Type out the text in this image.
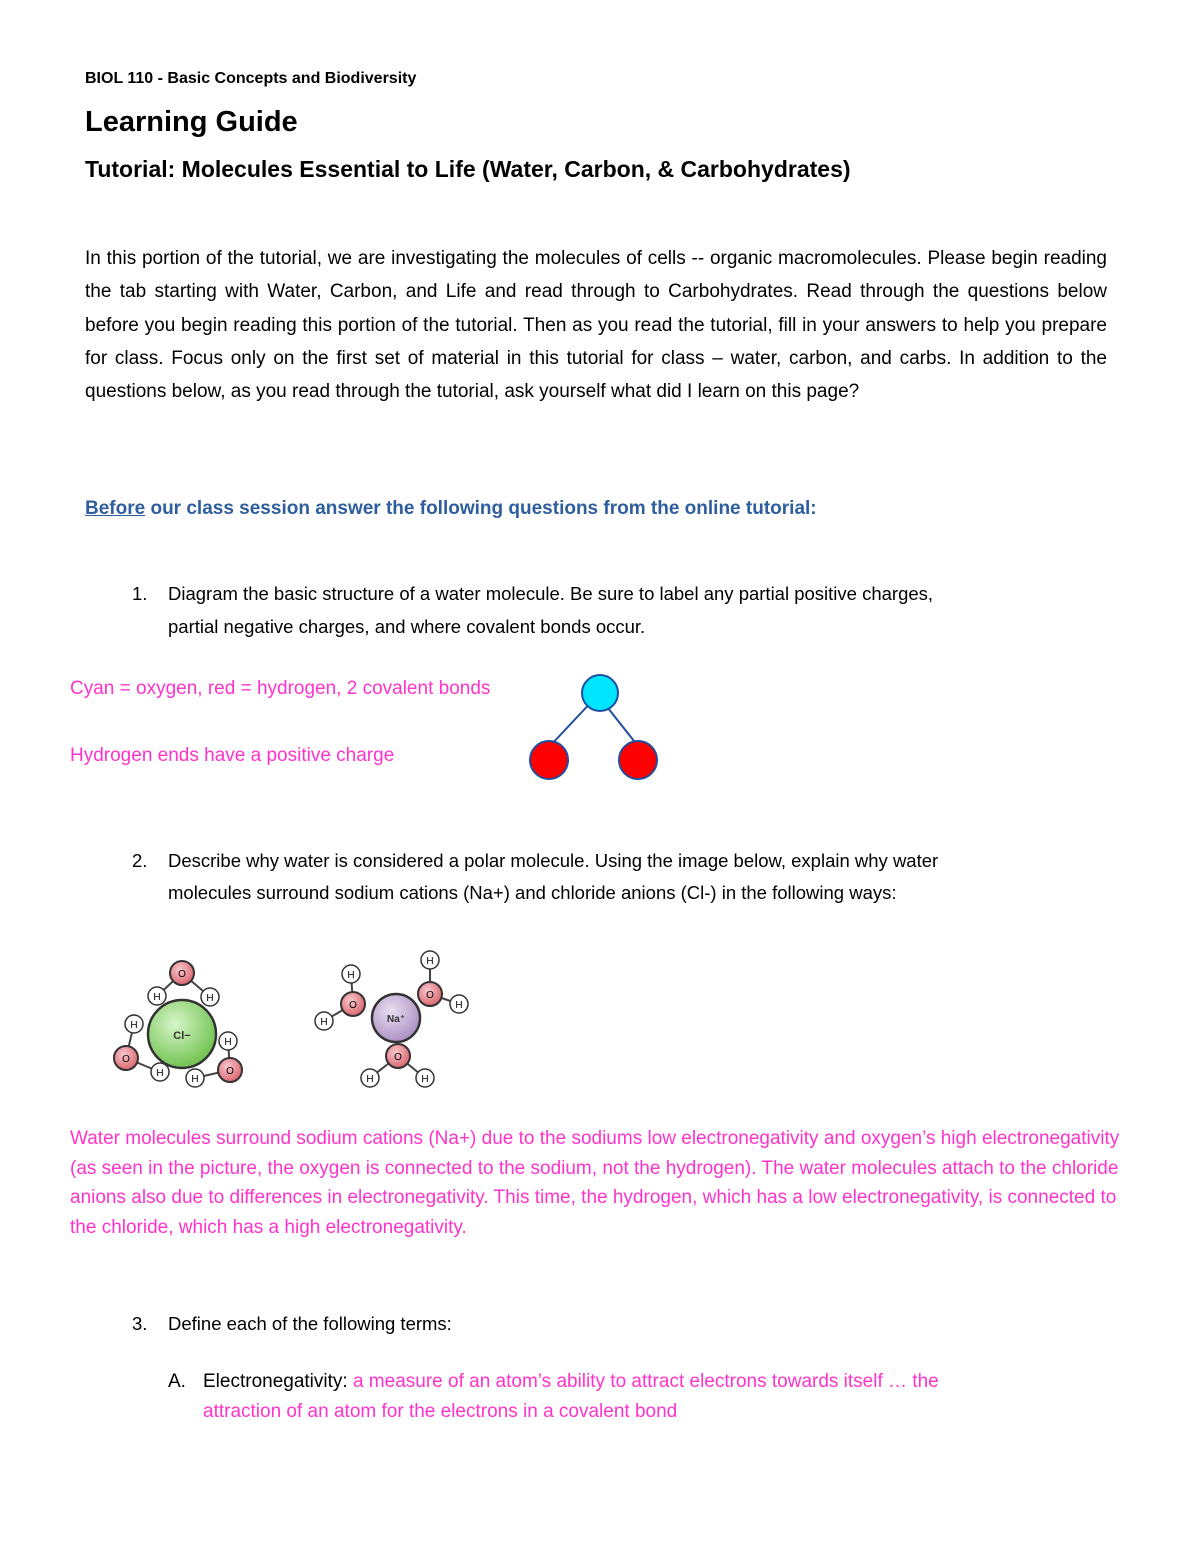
BIOL 110 - Basic Concepts and Biodiversity
Learning Guide
Tutorial: Molecules Essential to Life (Water, Carbon, & Carbohydrates)

In this portion of the tutorial, we are investigating the molecules of cells -- organic macromolecules. Please begin reading the tab starting with Water, Carbon, and Life and read through to Carbohydrates. Read through the questions below before you begin reading this portion of the tutorial. Then as you read the tutorial, fill in your answers to help you prepare for class. Focus only on the first set of material in this tutorial for class – water, carbon, and carbs. In addition to the questions below, as you read through the tutorial, ask yourself what did I learn on this page?

Before our class session answer the following questions from the online tutorial:
1. Diagram the basic structure of a water molecule. Be sure to label any partial positive charges,
partial negative charges, and where covalent bonds occur.
Cyan = oxygen, red = hydrogen, 2 covalent bonds
Hydrogen ends have a positive charge
2. Describe why water is considered a polar molecule. Using the image below, explain why water
molecules surround sodium cations (Na+) and chloride anions (Cl-) in the following ways:
Cl−
O
H	H
O
H
H	O
H
H
Na⁺
O
H
H
O
H
H
O
H	H

Water molecules surround sodium cations (Na+) due to the sodiums low electronegativity and oxygen’s high electronegativity (as seen in the picture, the oxygen is connected to the sodium, not the hydrogen). The water molecules attach to the chloride anions also due to differences in electronegativity. This time, the hydrogen, which has a low electronegativity, is connected to the chloride, which has a high electronegativity.

3. Define each of the following terms:
A. Electronegativity: a measure of an atom’s ability to attract electrons towards itself … the
attraction of an atom for the electrons in a covalent bond
